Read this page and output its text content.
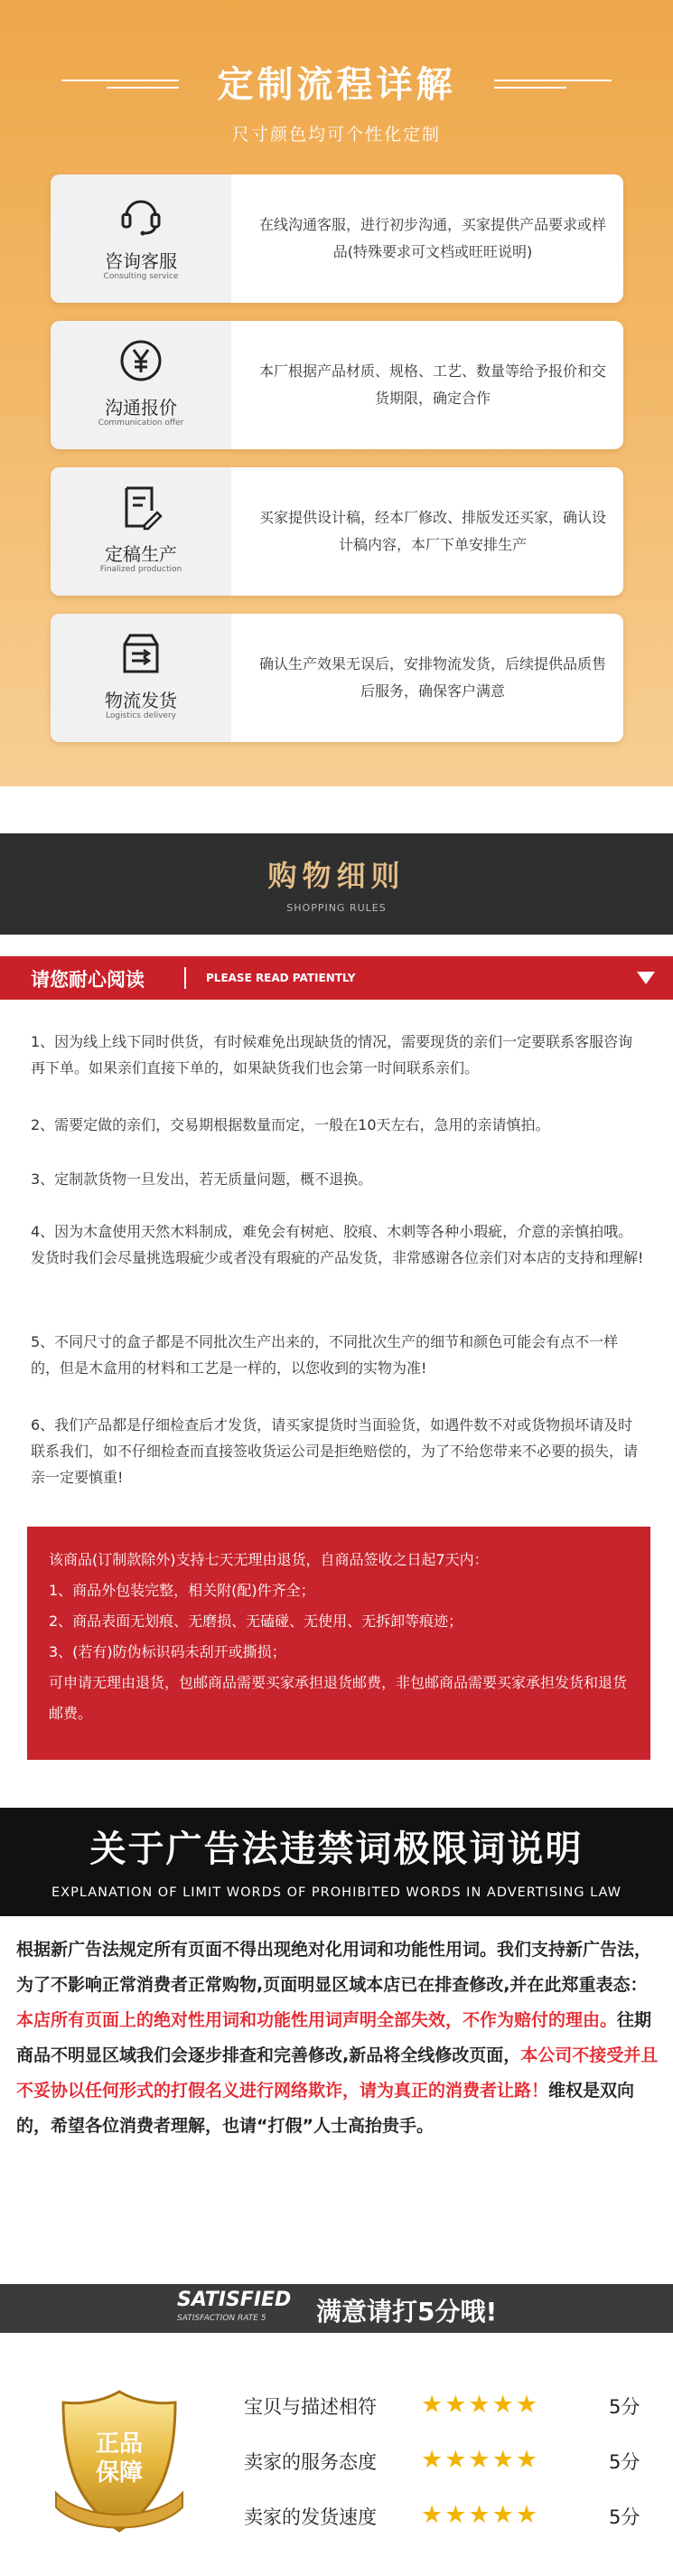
定制流程详解
尺寸颜色均可个性化定制
咨询客服
Consulting service
在线沟通客服，进行初步沟通，买家提供产品要求或样品(特殊要求可文档或旺旺说明)
沟通报价
Communication offer
本厂根据产品材质、规格、工艺、数量等给予报价和交货期限，确定合作
定稿生产
Finalized production
买家提供设计稿，经本厂修改、排版发还买家，确认设计稿内容，本厂下单安排生产
物流发货
Logistics delivery
确认生产效果无误后，安排物流发货，后续提供品质售后服务，确保客户满意
购物细则
SHOPPING RULES
请您耐心阅读	PLEASE READ PATIENTLY

1、因为线上线下同时供货，有时候难免出现缺货的情况，需要现货的亲们一定要联系客服咨询再下单。如果亲们直接下单的，如果缺货我们也会第一时间联系亲们。

2、需要定做的亲们，交易期根据数量而定，一般在10天左右，急用的亲请慎拍。

3、定制款货物一旦发出，若无质量问题，概不退换。

4、因为木盒使用天然木料制成，难免会有树疤、胶痕、木刺等各种小瑕疵，介意的亲慎拍哦。发货时我们会尽量挑选瑕疵少或者没有瑕疵的产品发货，非常感谢各位亲们对本店的支持和理解!

5、不同尺寸的盒子都是不同批次生产出来的，不同批次生产的细节和颜色可能会有点不一样的，但是木盒用的材料和工艺是一样的，以您收到的实物为准!

6、我们产品都是仔细检查后才发货，请买家提货时当面验货，如遇件数不对或货物损坏请及时联系我们，如不仔细检查而直接签收货运公司是拒绝赔偿的，为了不给您带来不必要的损失，请亲一定要慎重!

该商品(订制款除外)支持七天无理由退货，自商品签收之日起7天内：
1、商品外包装完整，相关附(配)件齐全；
2、商品表面无划痕、无磨损、无磕碰、无使用、无拆卸等痕迹；
3、(若有)防伪标识码未刮开或撕损；
可申请无理由退货，包邮商品需要买家承担退货邮费，非包邮商品需要买家承担发货和退货邮费。
关于广告法违禁词极限词说明
EXPLANATION OF LIMIT WORDS OF PROHIBITED WORDS IN ADVERTISING LAW
根据新广告法规定所有页面不得出现绝对化用词和功能性用词。我们支持新广告法，为了不影响正常消费者正常购物,页面明显区域本店已在排查修改,并在此郑重表态：本店所有页面上的绝对性用词和功能性用词声明全部失效，不作为赔付的理由。往期商品不明显区域我们会逐步排查和完善修改,新品将全线修改页面，本公司不接受并且不妥协以任何形式的打假名义进行网络欺诈，请为真正的消费者让路！维权是双向的，希望各位消费者理解，也请“打假”人士高抬贵手。
SATISFIED
SATISFACTION RATE 5 满意请打5分哦!
正品
保障
宝贝与描述相符 ★★★★★	5分
卖家的服务态度 ★★★★★	5分
卖家的发货速度 ★★★★★	5分
